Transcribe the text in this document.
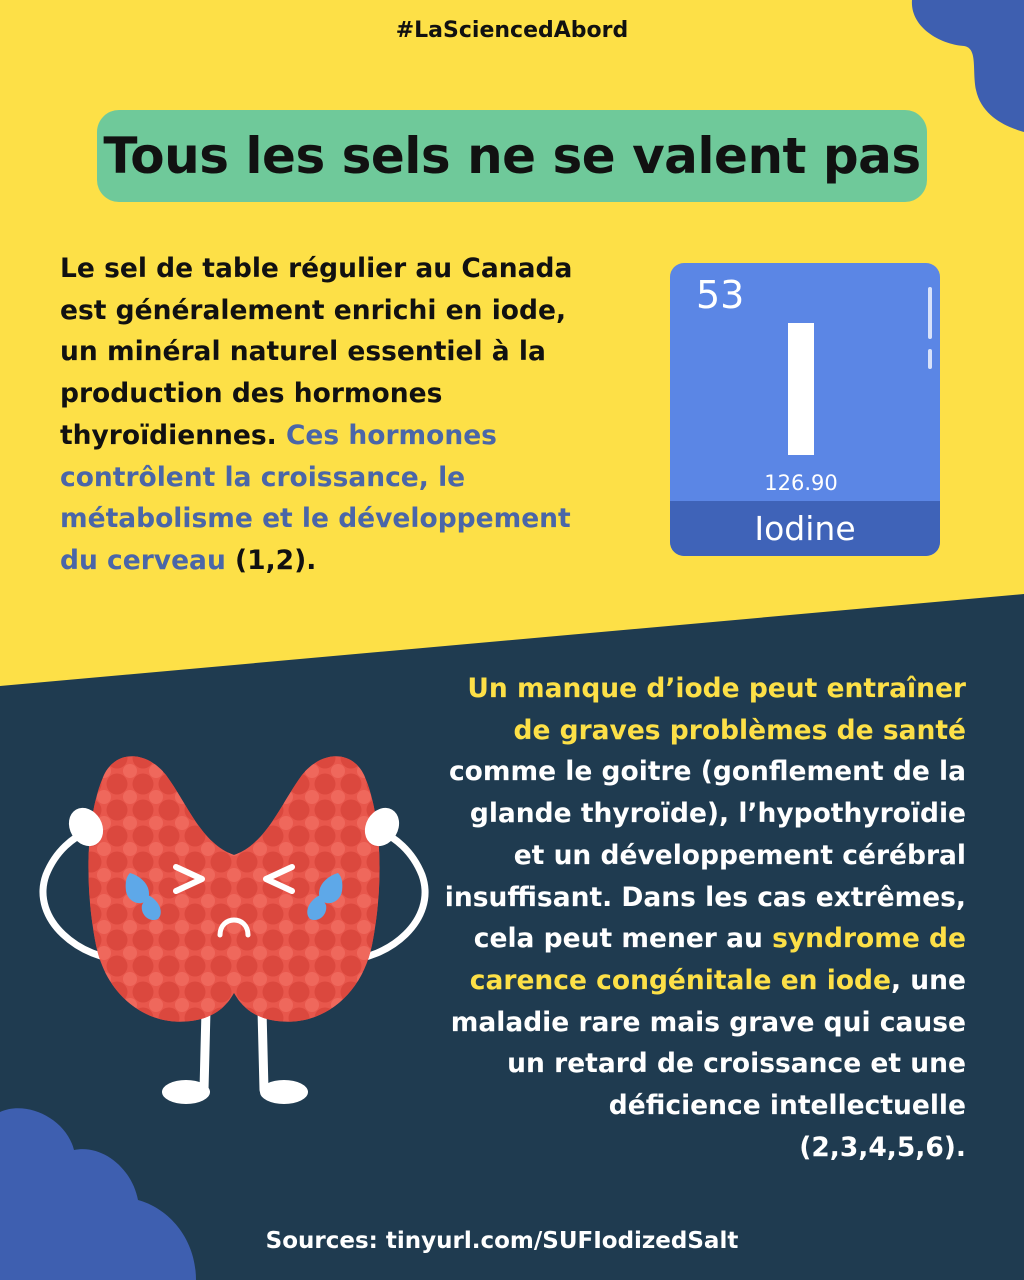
#LaSciencedAbord
Tous les sels ne se valent pas
Le sel de table régulier au Canada est généralement enrichi en iode, un minéral naturel essentiel à la production des hormones thyroïdiennes. Ces hormones contrôlent la croissance, le métabolisme et le développement du cerveau (1,2).
53
126.90
Iodine
Un manque d’iode peut entraîner de graves problèmes de santé comme le goitre (gonflement de la glande thyroïde), l’hypothyroïdie et un développement cérébral insuffisant. Dans les cas extrêmes, cela peut mener au syndrome de carence congénitale en iode, une maladie rare mais grave qui cause un retard de croissance et une déficience intellectuelle (2,3,4,5,6).
Sources: tinyurl.com/SUFIodizedSalt
